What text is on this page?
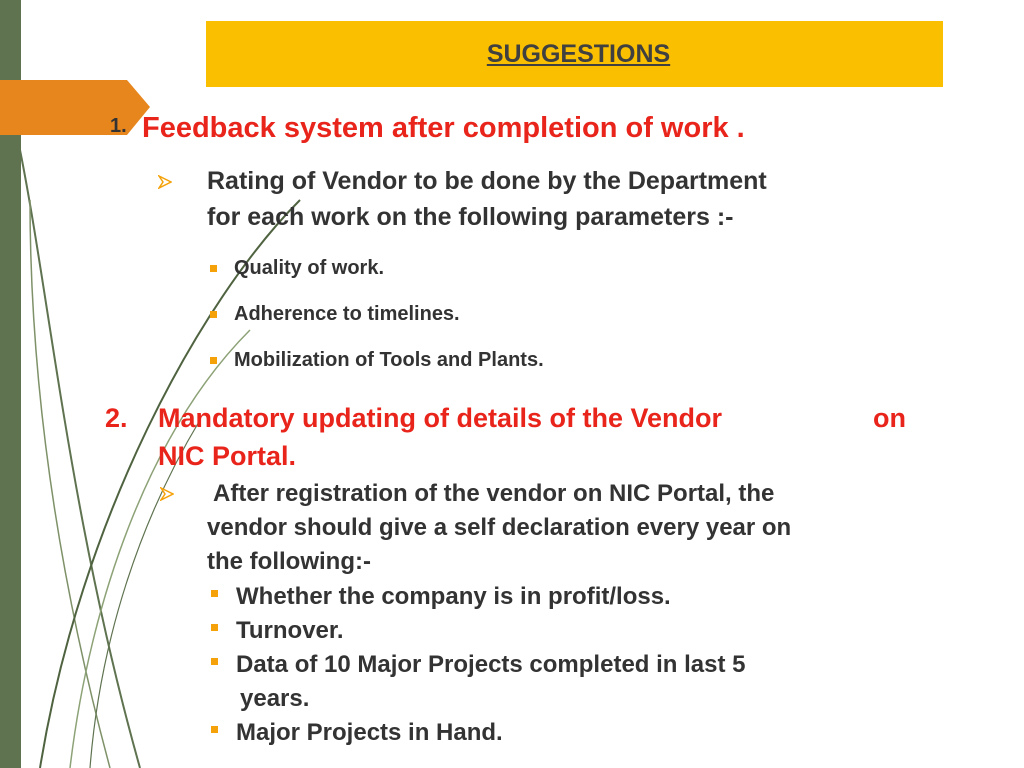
SUGGESTIONS
1. Feedback system after completion of work .
Rating of Vendor to be done by the Department
for each work on the following parameters :-
Quality of work.
Adherence to timelines.
Mobilization of Tools and Plants.
2. Mandatory updating of details of the Vendor	on
NIC Portal.
After registration of the vendor on NIC Portal, the
vendor should give a self declaration every year on
the following:-
Whether the company is in profit/loss.
Turnover.
Data of 10 Major Projects completed in last 5
years.
Major Projects in Hand.
